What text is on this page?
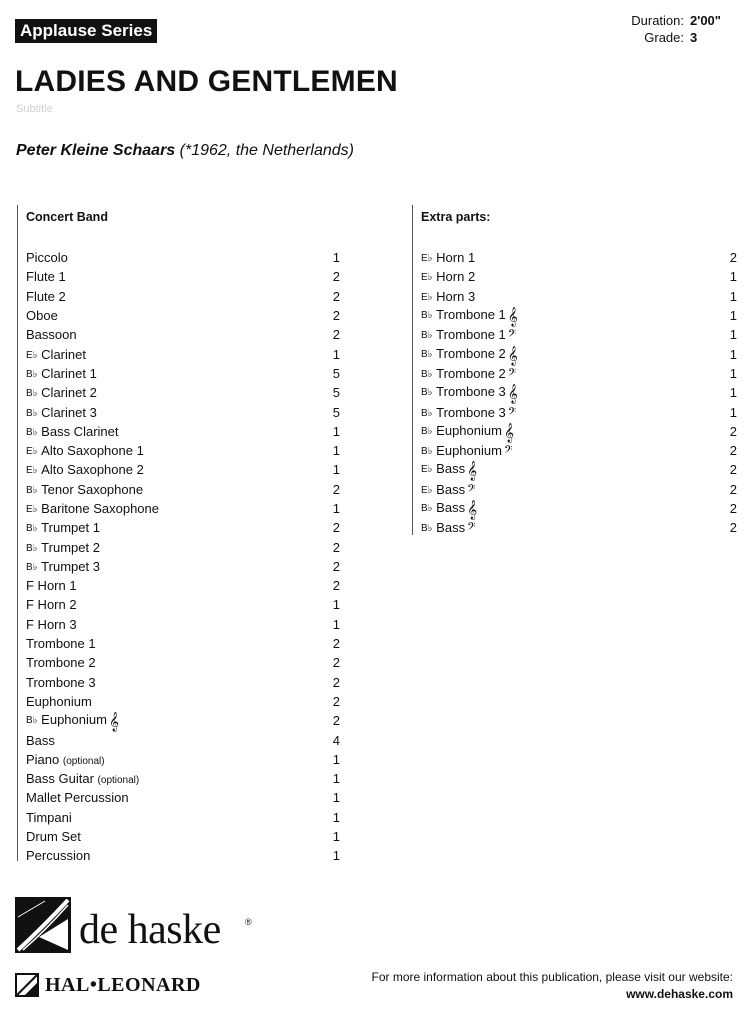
Applause Series
Duration: 2'00"
Grade: 3
LADIES AND GENTLEMEN
Subtitle
Peter Kleine Schaars (*1962, the Netherlands)
Concert Band
Piccolo	1
Flute 1	2
Flute 2	2
Oboe	2
Bassoon	2
E♭ Clarinet	1
B♭ Clarinet 1	5
B♭ Clarinet 2	5
B♭ Clarinet 3	5
B♭ Bass Clarinet	1
E♭ Alto Saxophone 1	1
E♭ Alto Saxophone 2	1
B♭ Tenor Saxophone	2
E♭ Baritone Saxophone	1
B♭ Trumpet 1	2
B♭ Trumpet 2	2
B♭ Trumpet 3	2
F Horn 1	2
F Horn 2	1
F Horn 3	1
Trombone 1	2
Trombone 2	2
Trombone 3	2
Euphonium	2
B♭ Euphonium 𝄞	2
Bass	4
Piano (optional)	1
Bass Guitar (optional)	1
Mallet Percussion	1
Timpani	1
Drum Set	1
Percussion	1
Extra parts:
E♭ Horn 1	2
E♭ Horn 2	1
E♭ Horn 3	1
B♭ Trombone 1 𝄞	1
B♭ Trombone 1 𝄢	1
B♭ Trombone 2 𝄞	1
B♭ Trombone 2 𝄢	1
B♭ Trombone 3 𝄞	1
B♭ Trombone 3 𝄢	1
B♭ Euphonium 𝄞	2
B♭ Euphonium 𝄢	2
E♭ Bass 𝄞	2
E♭ Bass 𝄢	2
B♭ Bass 𝄞	2
B♭ Bass 𝄢	2
de haske	®
HAL•LEONARD	For more information about this publication, please visit our website:
www.dehaske.com
